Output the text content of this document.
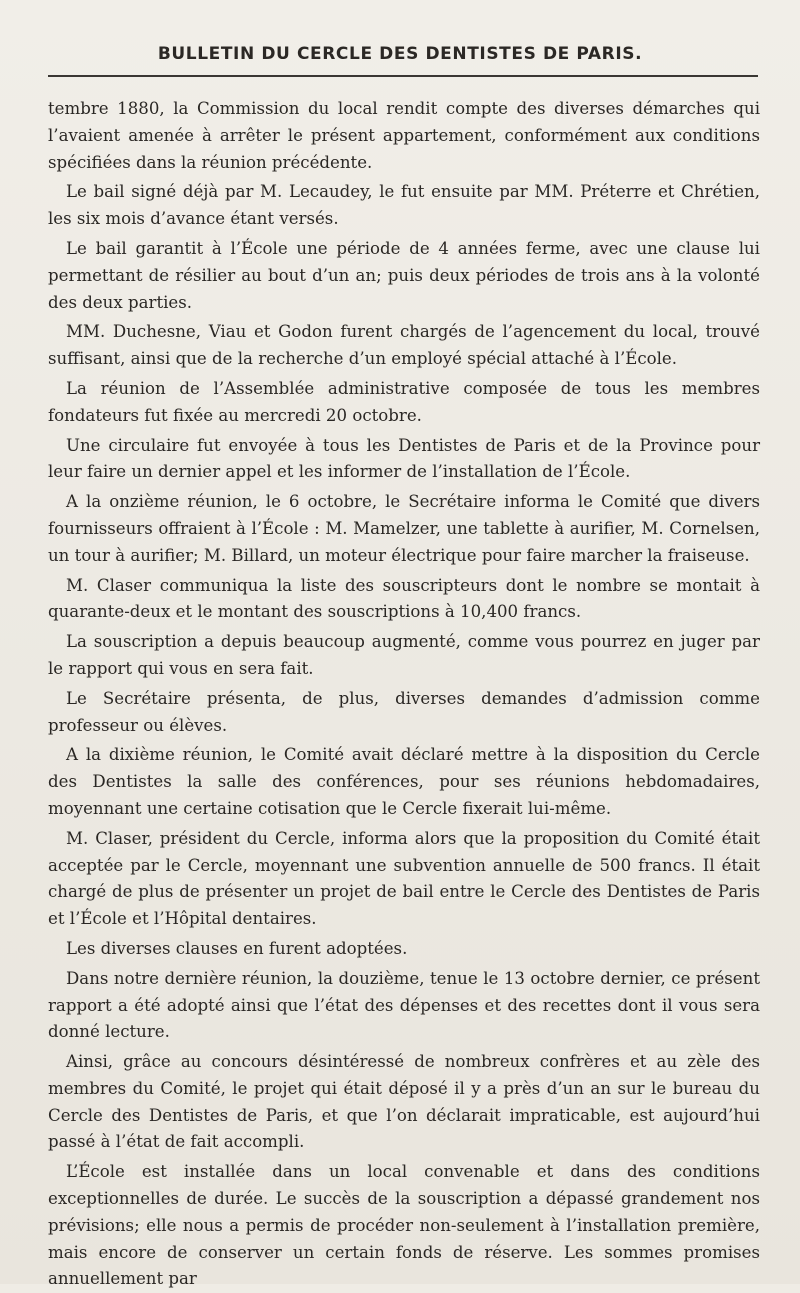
BULLETIN DU CERCLE DES DENTISTES DE PARIS.

tembre 1880, la Commission du local rendit compte des diverses démarches qui l’avaient amenée à arrêter le présent appartement, conformément aux conditions spécifiées dans la réunion précédente.

Le bail signé déjà par M. Lecaudey, le fut ensuite par MM. Préterre et Chrétien, les six mois d’avance étant versés.

Le bail garantit à l’École une période de 4 années ferme, avec une clause lui permettant de résilier au bout d’un an; puis deux périodes de trois ans à la volonté des deux parties.

MM. Duchesne, Viau et Godon furent chargés de l’agencement du local, trouvé suffisant, ainsi que de la recherche d’un employé spécial attaché à l’École.

La réunion de l’Assemblée administrative composée de tous les membres fondateurs fut fixée au mercredi 20 octobre.

Une circulaire fut envoyée à tous les Dentistes de Paris et de la Province pour leur faire un dernier appel et les informer de l’installation de l’École.

A la onzième réunion, le 6 octobre, le Secrétaire informa le Comité que divers fournisseurs offraient à l’École : M. Mamelzer, une tablette à aurifier, M. Cornelsen, un tour à aurifier; M. Billard, un moteur électrique pour faire marcher la fraiseuse.

M. Claser communiqua la liste des souscripteurs dont le nombre se montait à quarante-deux et le montant des souscriptions à 10,400 francs.

La souscription a depuis beaucoup augmenté, comme vous pourrez en juger par le rapport qui vous en sera fait.

Le Secrétaire présenta, de plus, diverses demandes d’admission comme professeur ou élèves.

A la dixième réunion, le Comité avait déclaré mettre à la disposition du Cercle des Dentistes la salle des conférences, pour ses réunions hebdomadaires, moyennant une certaine cotisation que le Cercle fixerait lui-même.

M. Claser, président du Cercle, informa alors que la proposition du Comité était acceptée par le Cercle, moyennant une subvention annuelle de 500 francs. Il était chargé de plus de présenter un projet de bail entre le Cercle des Dentistes de Paris et l’École et l’Hôpital dentaires.

Les diverses clauses en furent adoptées.

Dans notre dernière réunion, la douzième, tenue le 13 octobre dernier, ce présent rapport a été adopté ainsi que l’état des dépenses et des recettes dont il vous sera donné lecture.

Ainsi, grâce au concours désintéressé de nombreux confrères et au zèle des membres du Comité, le projet qui était déposé il y a près d’un an sur le bureau du Cercle des Dentistes de Paris, et que l’on déclarait impraticable, est aujourd’hui passé à l’état de fait accompli.

L’École est installée dans un local convenable et dans des conditions exceptionnelles de durée. Le succès de la souscription a dépassé grandement nos prévisions; elle nous a permis de procéder non-seulement à l’installation première, mais encore de conserver un certain fonds de réserve. Les sommes promises annuellement par
